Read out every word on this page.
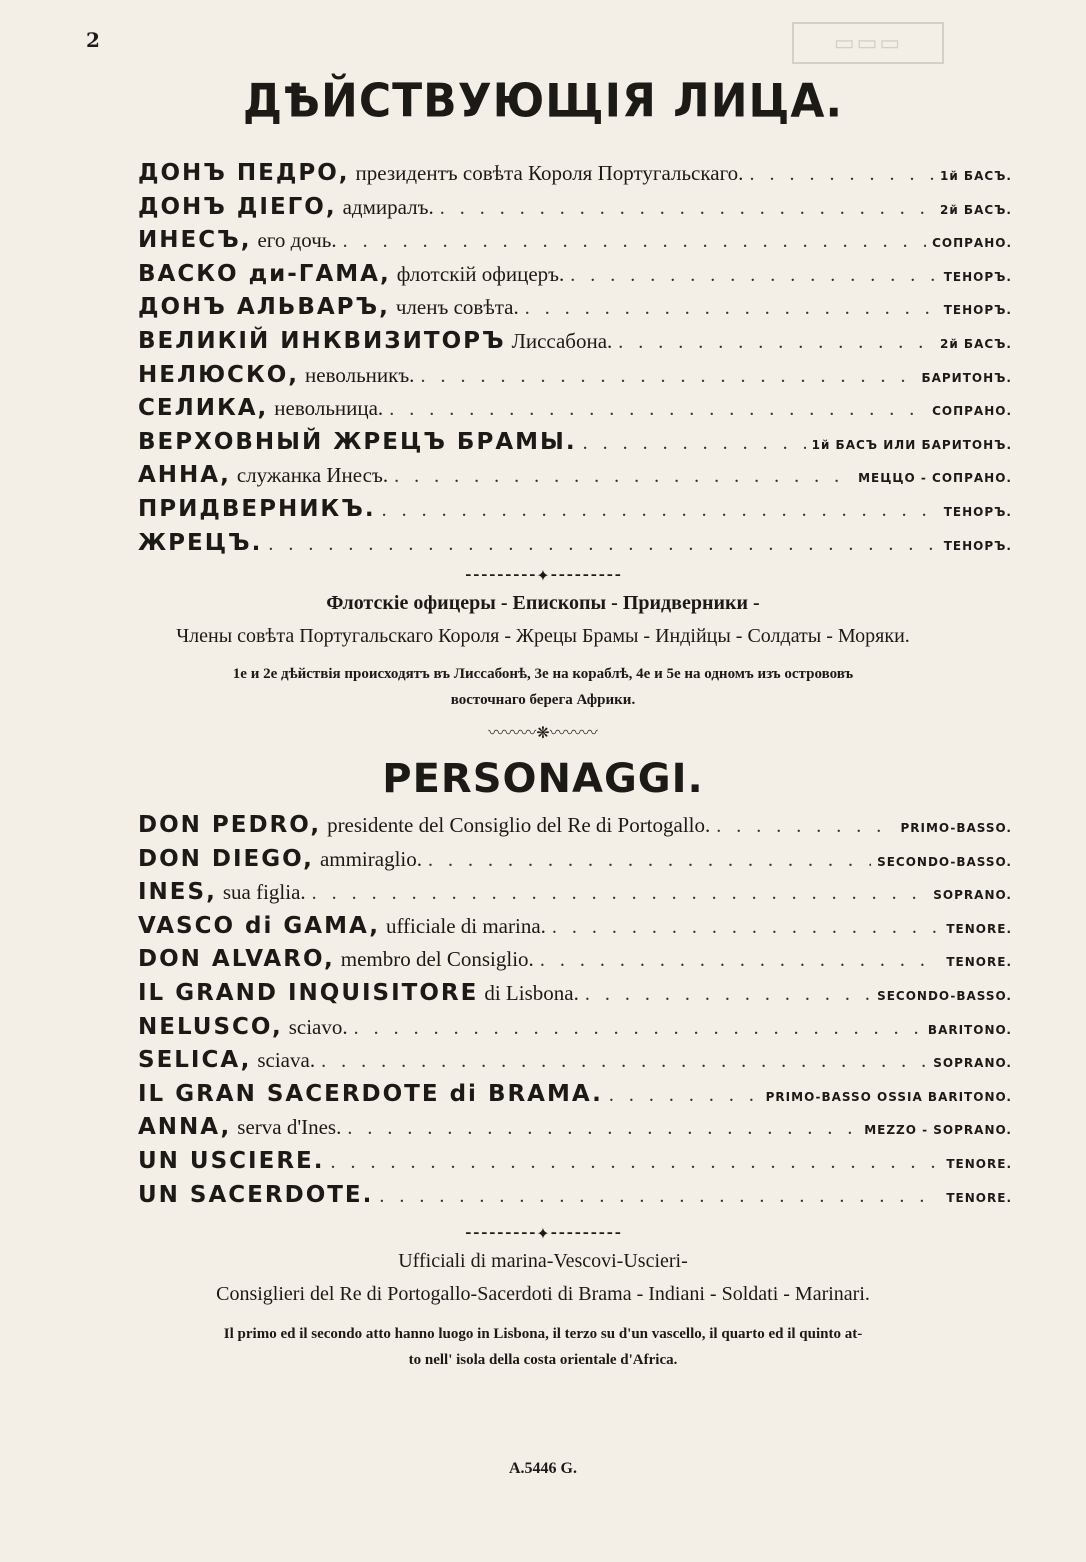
2	▭▭▭
ДѢЙСТВУЮЩІЯ ЛИЦА.
ДОНЪ ПЕДРО, президентъ совѣта Короля Португальскаго. . . .	1й БАСЪ.
ДОНЪ ДІЕГО, адмиралъ. . . .	2й БАСЪ.
ИНЕСЪ, его дочь. . . .	СОПРАНО.
ВАСКО ди-ГАМА, флотскій офицеръ. . . .	ТЕНОРЪ.
ДОНЪ АЛЬВАРЪ, членъ совѣта. . . .	ТЕНОРЪ.
ВЕЛИКІЙ ИНКВИЗИТОРЪ Лиссабона. . . .	2й БАСЪ.
НЕЛЮСКО, невольникъ. . . .	БАРИТОНЪ.
СЕЛИКА, невольница. . . .	СОПРАНО.
ВЕРХОВНЫЙ ЖРЕЦЪ БРАМЫ. . . .	1й БАСЪ ИЛИ БАРИТОНЪ.
АННА, служанка Инесъ. . . .	МЕЦЦО - СОПРАНО.
ПРИДВЕРНИКЪ. . . .	ТЕНОРЪ.
ЖРЕЦЪ. . . .	ТЕНОРЪ.
⁃⁃⁃⁃⁃⁃⁃⁃⁃✦⁃⁃⁃⁃⁃⁃⁃⁃⁃
Флотскіе офицеры - Епископы - Придверники -
Члены совѣта Португальскаго Короля - Жрецы Брамы - Индійцы - Солдаты - Моряки.
1е и 2е дѣйствія происходятъ въ Лиссабонѣ, 3е на кораблѣ, 4е и 5е на одномъ изъ острововъ
восточнаго берега Африки.
〰〰〰❋〰〰〰
PERSONAGGI.
DON PEDRO, presidente del Consiglio del Re di Portogallo. . . .	PRIMO-BASSO.
DON DIEGO, ammiraglio. . . .	SECONDO-BASSO.
INES, sua figlia. . . .	SOPRANO.
VASCO di GAMA, ufficiale di marina. . . .	TENORE.
DON ALVARO, membro del Consiglio. . . .	TENORE.
IL GRAND INQUISITORE di Lisbona. . . .	SECONDO-BASSO.
NELUSCO, sciavo. . . .	BARITONO.
SELICA, sciava. . . .	SOPRANO.
IL GRAN SACERDOTE di BRAMA. . . .	PRIMO-BASSO OSSIA BARITONO.
ANNA, serva d'Ines. . . .	MEZZO - SOPRANO.
UN USCIERE. . . .	TENORE.
UN SACERDOTE. . . .	TENORE.
⁃⁃⁃⁃⁃⁃⁃⁃⁃✦⁃⁃⁃⁃⁃⁃⁃⁃⁃
Ufficiali di marina-Vescovi-Uscieri-
Consiglieri del Re di Portogallo-Sacerdoti di Brama - Indiani - Soldati - Marinari.
Il primo ed il secondo atto hanno luogo in Lisbona, il terzo su d'un vascello, il quarto ed il quinto at-
to nell' isola della costa orientale d'Africa.
A.5446 G.
